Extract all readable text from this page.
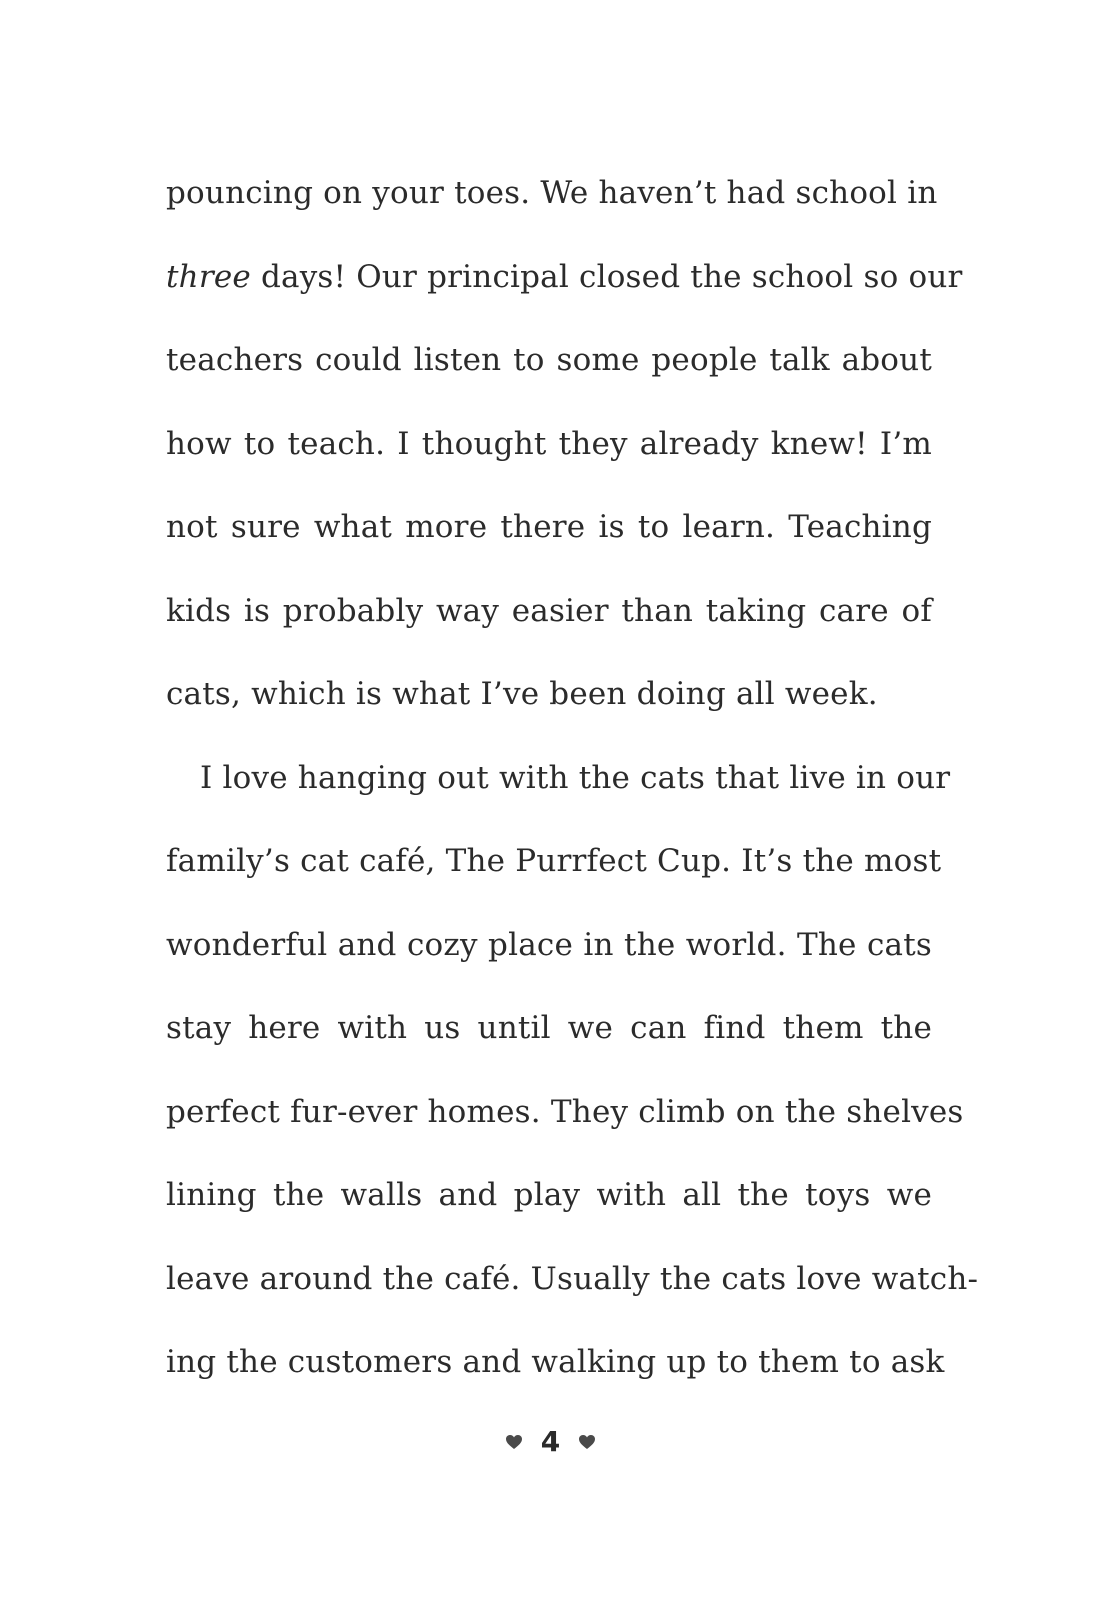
pouncing on your toes. We haven’t had school in
three days! Our principal closed the school so our
teachers could listen to some people talk about
how to teach. I thought they already knew! I’m
not sure what more there is to learn. Teaching
kids is probably way easier than taking care of
cats, which is what I’ve been doing all week.
I love hanging out with the cats that live in our
family’s cat café, The Purrfect Cup. It’s the most
wonderful and cozy place in the world. The cats
stay here with us until we can find them the
perfect fur-ever homes. They climb on the shelves
lining the walls and play with all the toys we
leave around the café. Usually the cats love watch-
ing the customers and walking up to them to ask
4
